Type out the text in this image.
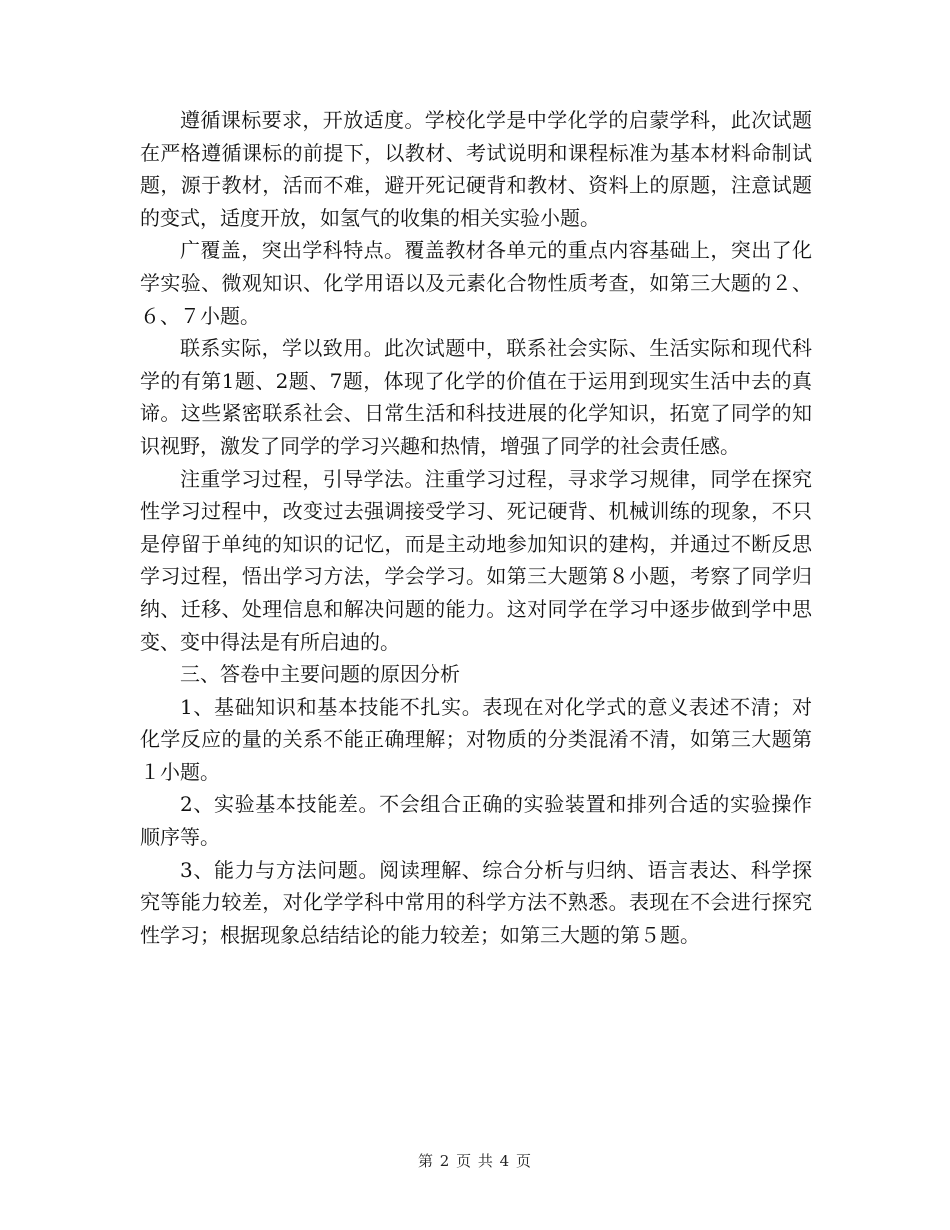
遵循课标要求，开放适度。学校化学是中学化学的启蒙学科，此次试题在严格遵循课标的前提下，以教材、考试说明和课程标准为基本材料命制试题，源于教材，活而不难，避开死记硬背和教材、资料上的原题，注意试题的变式，适度开放，如氢气的收集的相关实验小题。

广覆盖，突出学科特点。覆盖教材各单元的重点内容基础上，突出了化学实验、微观知识、化学用语以及元素化合物性质考查，如第三大题的２、６、７小题。

联系实际，学以致用。此次试题中，联系社会实际、生活实际和现代科学的有第1题、2题、7题，体现了化学的价值在于运用到现实生活中去的真谛。这些紧密联系社会、日常生活和科技进展的化学知识，拓宽了同学的知识视野，激发了同学的学习兴趣和热情，增强了同学的社会责任感。

注重学习过程，引导学法。注重学习过程，寻求学习规律，同学在探究性学习过程中，改变过去强调接受学习、死记硬背、机械训练的现象，不只是停留于单纯的知识的记忆，而是主动地参加知识的建构，并通过不断反思学习过程，悟出学习方法，学会学习。如第三大题第８小题，考察了同学归纳、迁移、处理信息和解决问题的能力。这对同学在学习中逐步做到学中思变、变中得法是有所启迪的。

三、答卷中主要问题的原因分析

1、基础知识和基本技能不扎实。表现在对化学式的意义表述不清；对化学反应的量的关系不能正确理解；对物质的分类混淆不清，如第三大题第１小题。

2、实验基本技能差。不会组合正确的实验装置和排列合适的实验操作顺序等。

3、能力与方法问题。阅读理解、综合分析与归纳、语言表达、科学探究等能力较差，对化学学科中常用的科学方法不熟悉。表现在不会进行探究性学习；根据现象总结结论的能力较差；如第三大题的第５题。

第 2 页 共 4 页
